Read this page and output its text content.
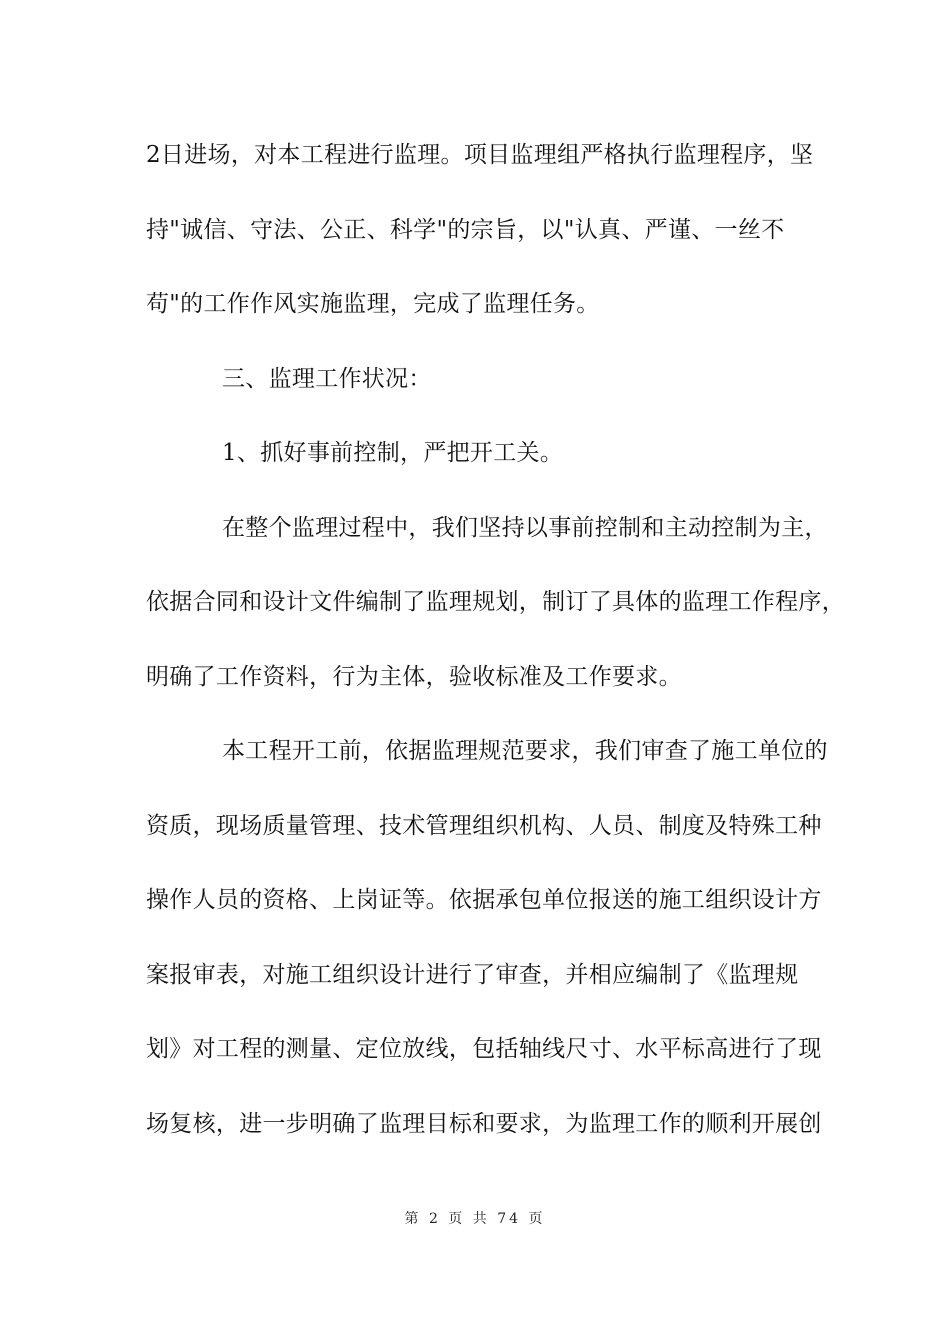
2日进场，对本工程进行监理。项目监理组严格执行监理程序，坚
持"诚信、守法、公正、科学"的宗旨，以"认真、严谨、一丝不
苟"的工作作风实施监理，完成了监理任务。
三、监理工作状况：
1、抓好事前控制，严把开工关。
在整个监理过程中，我们坚持以事前控制和主动控制为主，
依据合同和设计文件编制了监理规划，制订了具体的监理工作程序，
明确了工作资料，行为主体，验收标准及工作要求。
本工程开工前，依据监理规范要求，我们审查了施工单位的
资质，现场质量管理、技术管理组织机构、人员、制度及特殊工种
操作人员的资格、上岗证等。依据承包单位报送的施工组织设计方
案报审表，对施工组织设计进行了审查，并相应编制了《监理规
划》对工程的测量、定位放线，包括轴线尺寸、水平标高进行了现
场复核，进一步明确了监理目标和要求，为监理工作的顺利开展创
第 2 页 共 74 页
